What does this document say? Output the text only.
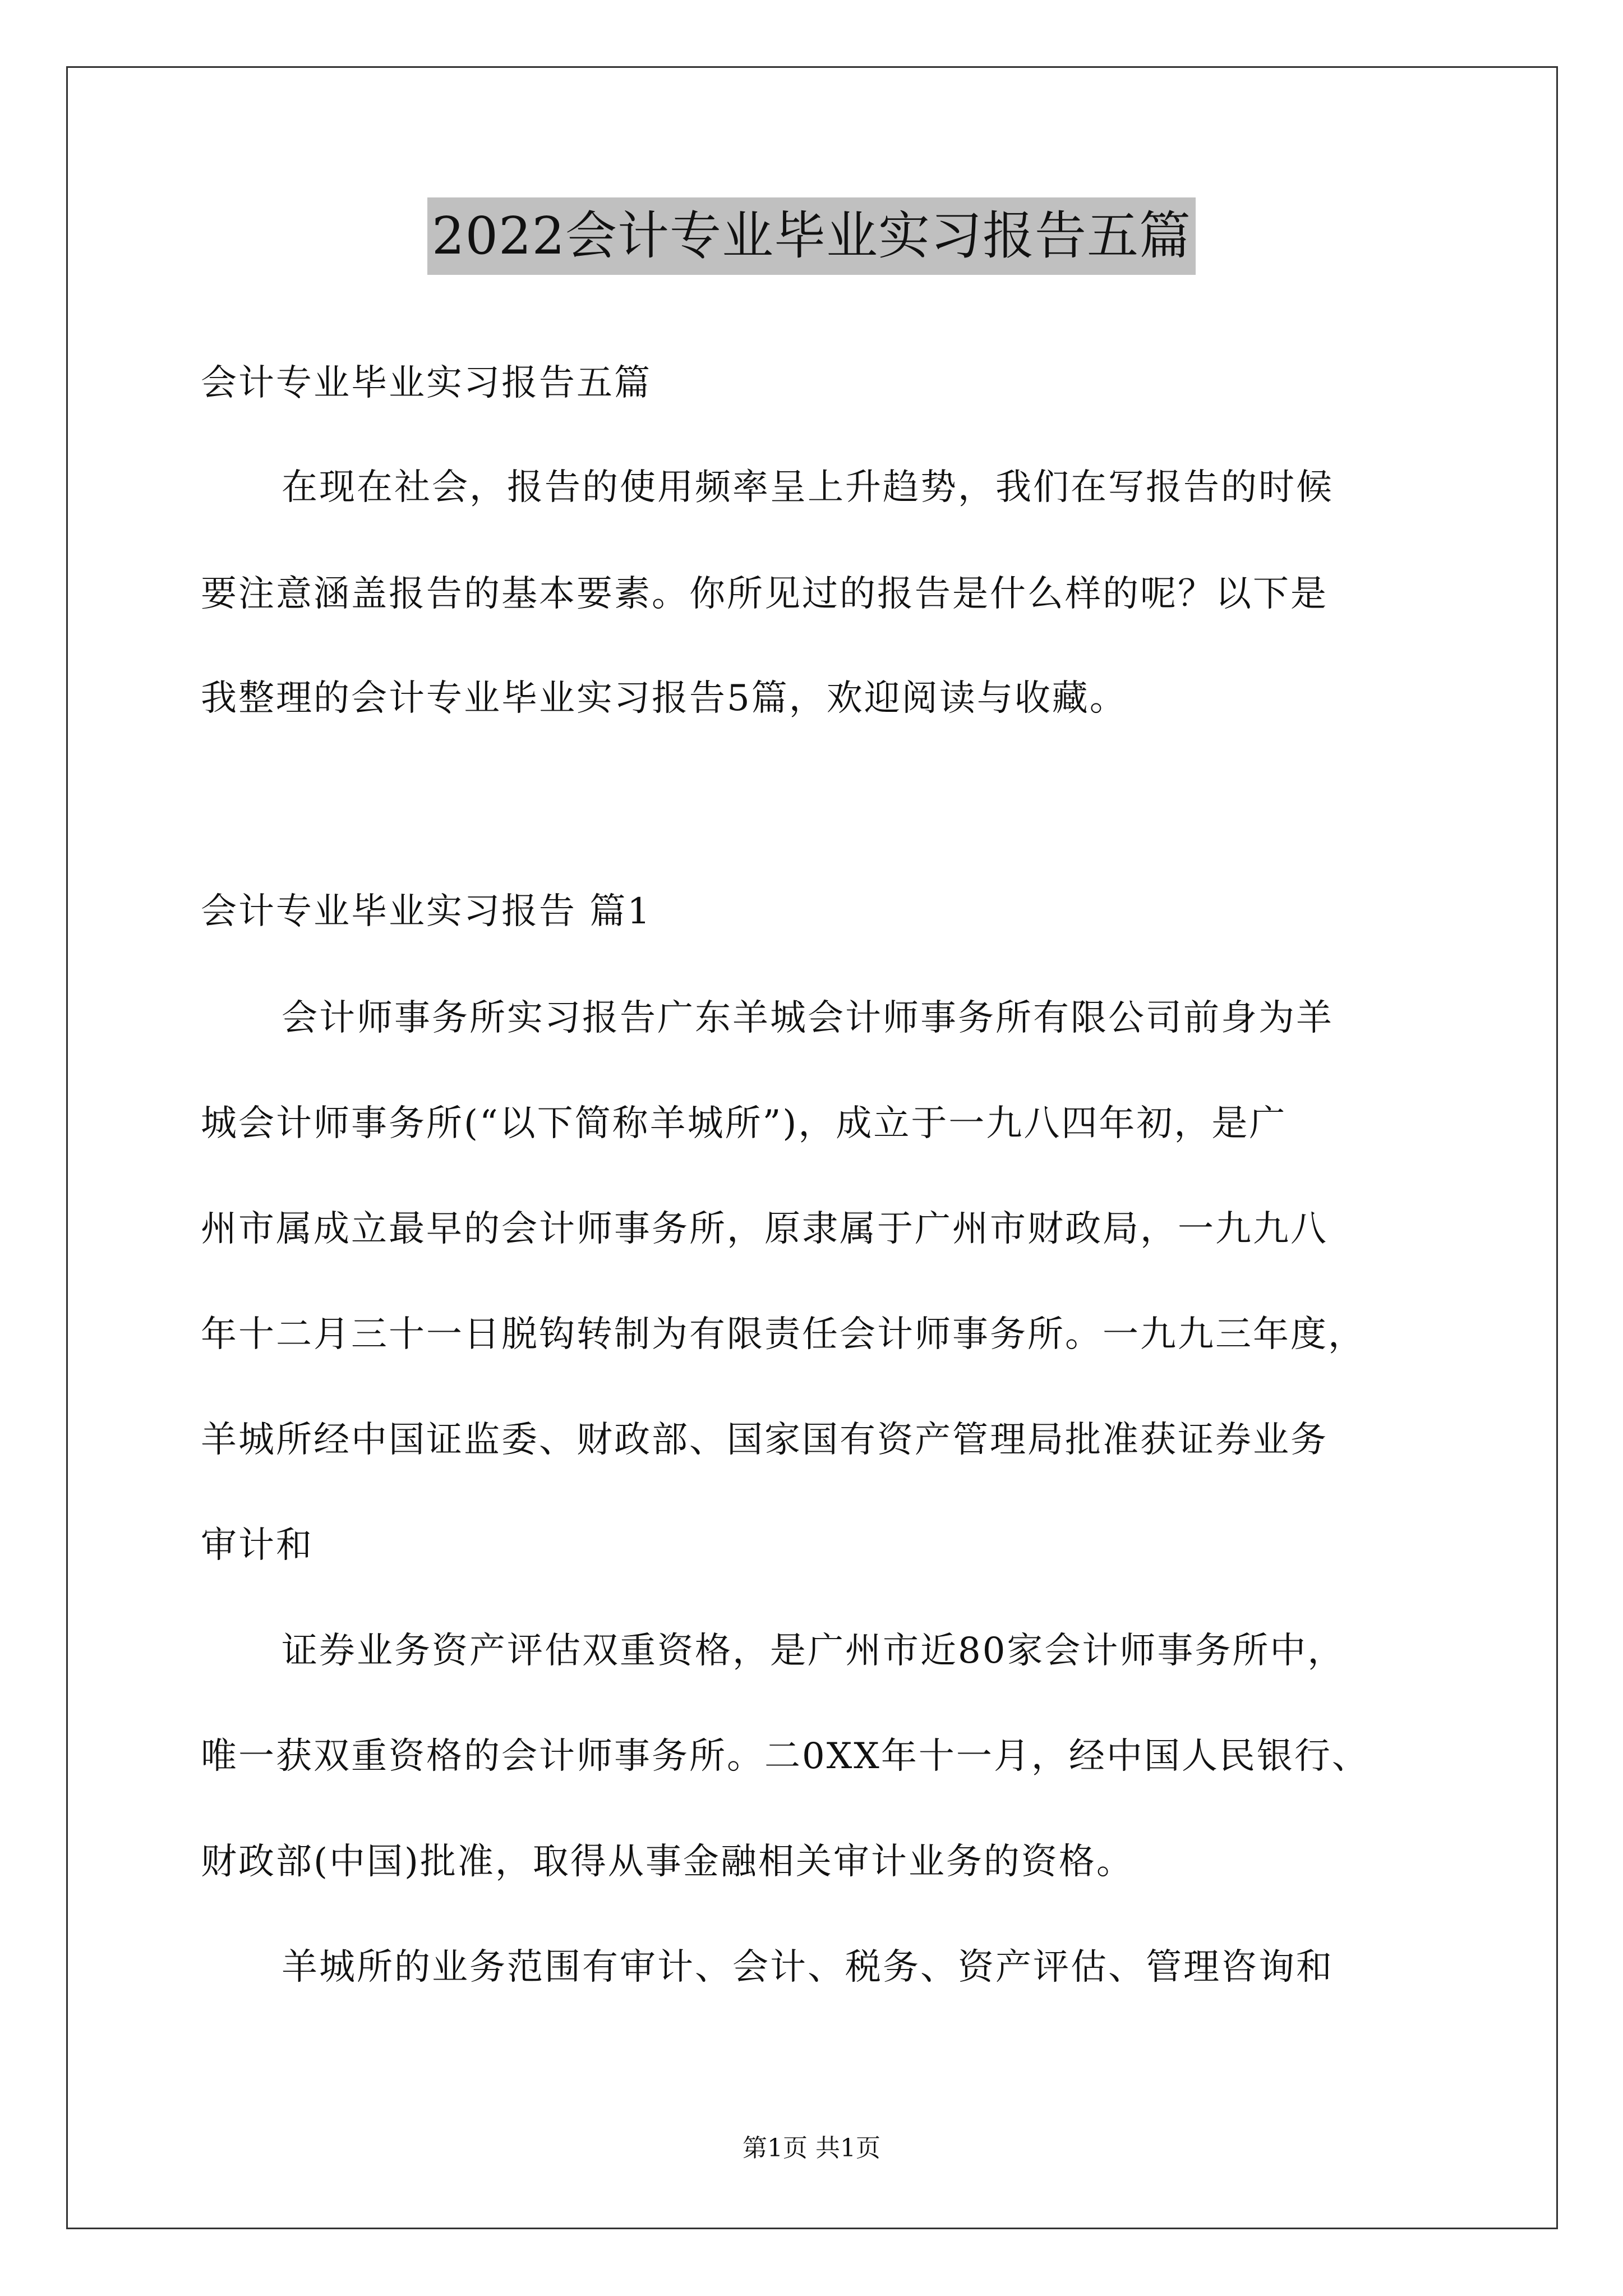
2022会计专业毕业实习报告五篇
会计专业毕业实习报告五篇
在现在社会，报告的使用频率呈上升趋势，我们在写报告的时候
要注意涵盖报告的基本要素。你所见过的报告是什么样的呢？以下是
我整理的会计专业毕业实习报告5篇，欢迎阅读与收藏。
会计专业毕业实习报告 篇1
会计师事务所实习报告广东羊城会计师事务所有限公司前身为羊
城会计师事务所(“以下简称羊城所”)，成立于一九八四年初，是广
州市属成立最早的会计师事务所，原隶属于广州市财政局，一九九八
年十二月三十一日脱钩转制为有限责任会计师事务所。一九九三年度，
羊城所经中国证监委、财政部、国家国有资产管理局批准获证券业务
审计和
证券业务资产评估双重资格，是广州市近80家会计师事务所中，
唯一获双重资格的会计师事务所。二0XX年十一月，经中国人民银行、
财政部(中国)批准，取得从事金融相关审计业务的资格。
羊城所的业务范围有审计、会计、税务、资产评估、管理咨询和
第1页 共1页
